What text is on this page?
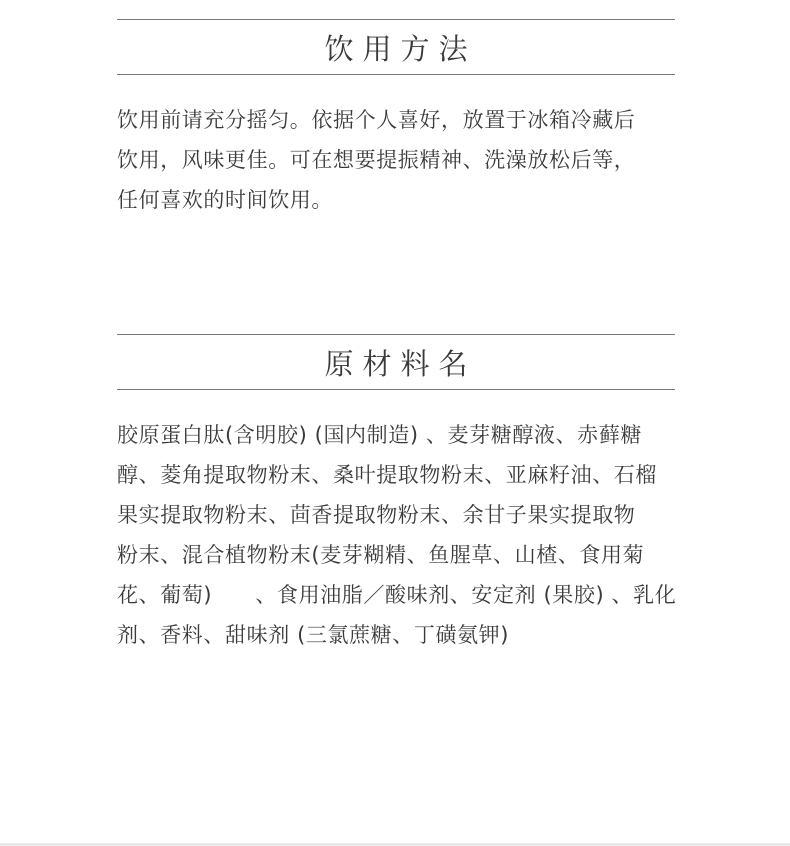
饮用方法
饮用前请充分摇匀。依据个人喜好，放置于冰箱冷藏后
饮用，风味更佳。可在想要提振精神、洗澡放松后等，
任何喜欢的时间饮用。
原材料名
胶原蛋白肽(含明胶) (国内制造) 、麦芽糖醇液、赤藓糖
醇、菱角提取物粉末、桑叶提取物粉末、亚麻籽油、石榴
果实提取物粉末、茴香提取物粉末、余甘子果实提取物
粉末、混合植物粉末(麦芽糊精、鱼腥草、山楂、食用菊
花、葡萄)　　、食用油脂／酸味剂、安定剂 (果胶) 、乳化
剂、香料、甜味剂 (三氯蔗糖、丁磺氨钾)
